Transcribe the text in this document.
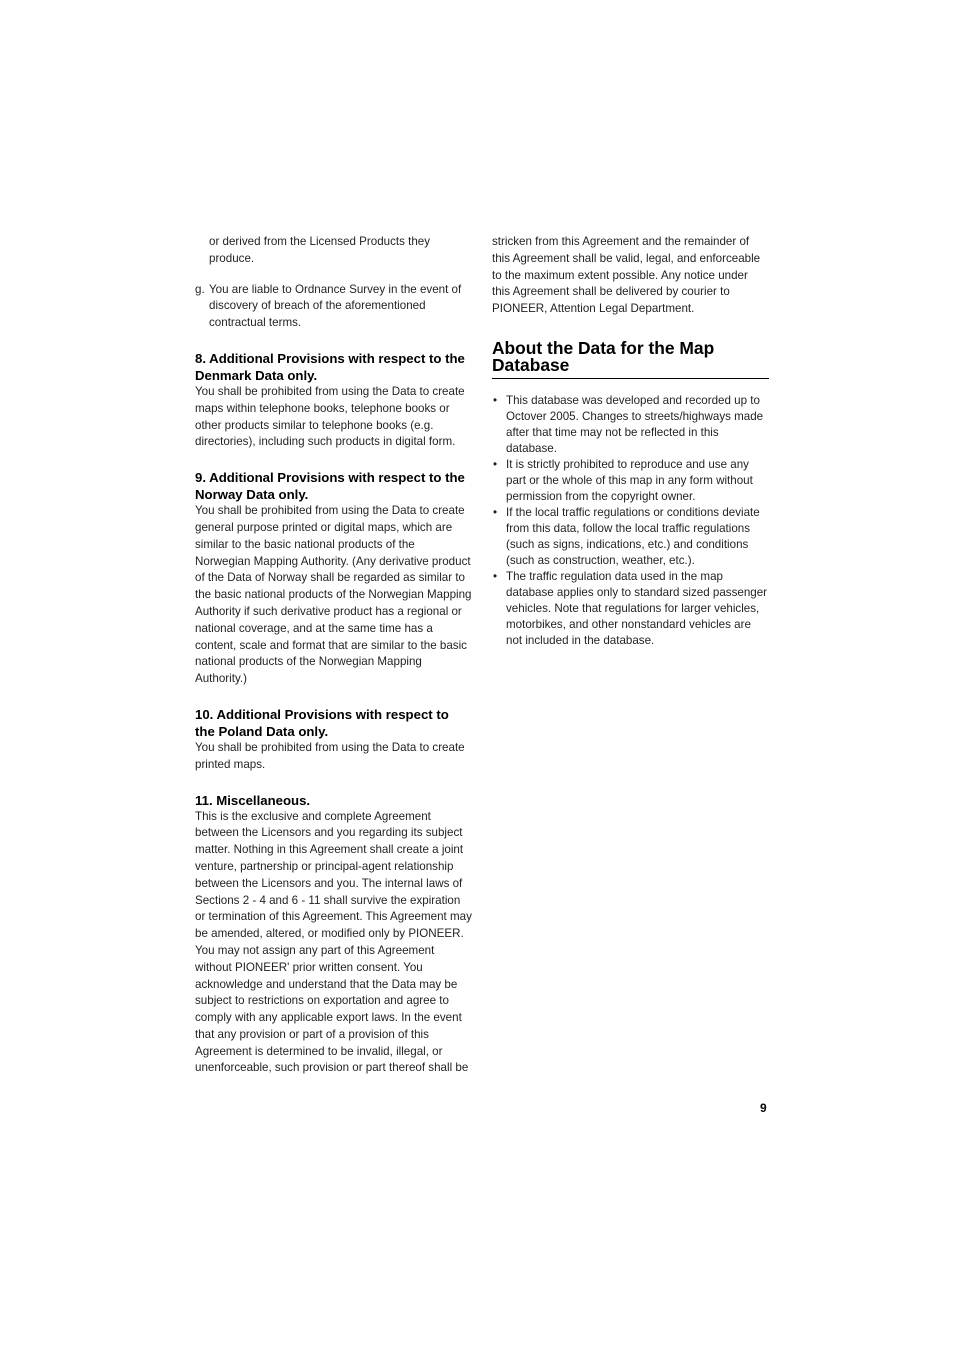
or derived from the Licensed Products they produce.

g. You are liable to Ordnance Survey in the event of discovery of breach of the aforementioned contractual terms.
8. Additional Provisions with respect to the Denmark Data only.

You shall be prohibited from using the Data to create maps within telephone books, telephone books or other products similar to telephone books (e.g. directories), including such products in digital form.

9. Additional Provisions with respect to the Norway Data only.

You shall be prohibited from using the Data to create general purpose printed or digital maps, which are similar to the basic national products of the Norwegian Mapping Authority. (Any derivative product of the Data of Norway shall be regarded as similar to the basic national products of the Norwegian Mapping Authority if such derivative product has a regional or national coverage, and at the same time has a content, scale and format that are similar to the basic national products of the Norwegian Mapping Authority.)

10. Additional Provisions with respect to the Poland Data only.

You shall be prohibited from using the Data to create printed maps.

11. Miscellaneous.

This is the exclusive and complete Agreement between the Licensors and you regarding its subject matter. Nothing in this Agreement shall create a joint venture, partnership or principal-agent relationship between the Licensors and you. The internal laws of Sections 2 - 4 and 6 - 11 shall survive the expiration or termination of this Agreement. This Agreement may be amended, altered, or modified only by PIONEER. You may not assign any part of this Agreement without PIONEER' prior written consent. You acknowledge and understand that the Data may be subject to restrictions on exportation and agree to comply with any applicable export laws. In the event that any provision or part of a provision of this Agreement is determined to be invalid, illegal, or unenforceable, such provision or part thereof shall be

stricken from this Agreement and the remainder of this Agreement shall be valid, legal, and enforceable to the maximum extent possible. Any notice under this Agreement shall be delivered by courier to PIONEER, Attention Legal Department.

About the Data for the Map Database
• This database was developed and recorded up to Octover 2005. Changes to streets/highways made after that time may not be reflected in this database.
• It is strictly prohibited to reproduce and use any part or the whole of this map in any form without permission from the copyright owner.
• If the local traffic regulations or conditions deviate from this data, follow the local traffic regulations (such as signs, indications, etc.) and conditions (such as construction, weather, etc.).
• The traffic regulation data used in the map database applies only to standard sized passenger vehicles. Note that regulations for larger vehicles, motorbikes, and other nonstandard vehicles are not included in the database.
9
